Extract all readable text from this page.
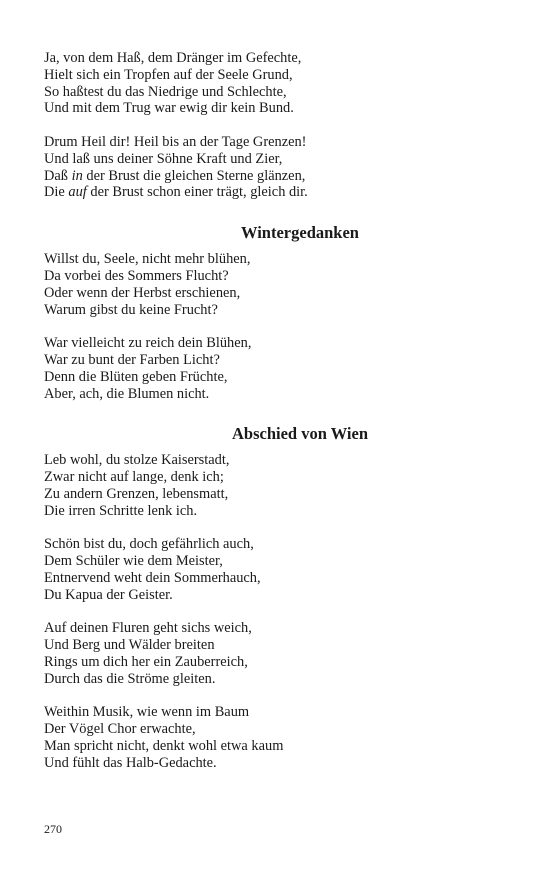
Ja, von dem Haß, dem Dränger im Gefechte,
Hielt sich ein Tropfen auf der Seele Grund,
So haßtest du das Niedrige und Schlechte,
Und mit dem Trug war ewig dir kein Bund.
Drum Heil dir! Heil bis an der Tage Grenzen!
Und laß uns deiner Söhne Kraft und Zier,
Daß in der Brust die gleichen Sterne glänzen,
Die auf der Brust schon einer trägt, gleich dir.
Wintergedanken
Willst du, Seele, nicht mehr blühen,
Da vorbei des Sommers Flucht?
Oder wenn der Herbst erschienen,
Warum gibst du keine Frucht?
War vielleicht zu reich dein Blühen,
War zu bunt der Farben Licht?
Denn die Blüten geben Früchte,
Aber, ach, die Blumen nicht.
Abschied von Wien
Leb wohl, du stolze Kaiserstadt,
Zwar nicht auf lange, denk ich;
Zu andern Grenzen, lebensmatt,
Die irren Schritte lenk ich.
Schön bist du, doch gefährlich auch,
Dem Schüler wie dem Meister,
Entnervend weht dein Sommerhauch,
Du Kapua der Geister.
Auf deinen Fluren geht sichs weich,
Und Berg und Wälder breiten
Rings um dich her ein Zauberreich,
Durch das die Ströme gleiten.
Weithin Musik, wie wenn im Baum
Der Vögel Chor erwachte,
Man spricht nicht, denkt wohl etwa kaum
Und fühlt das Halb-Gedachte.
270
